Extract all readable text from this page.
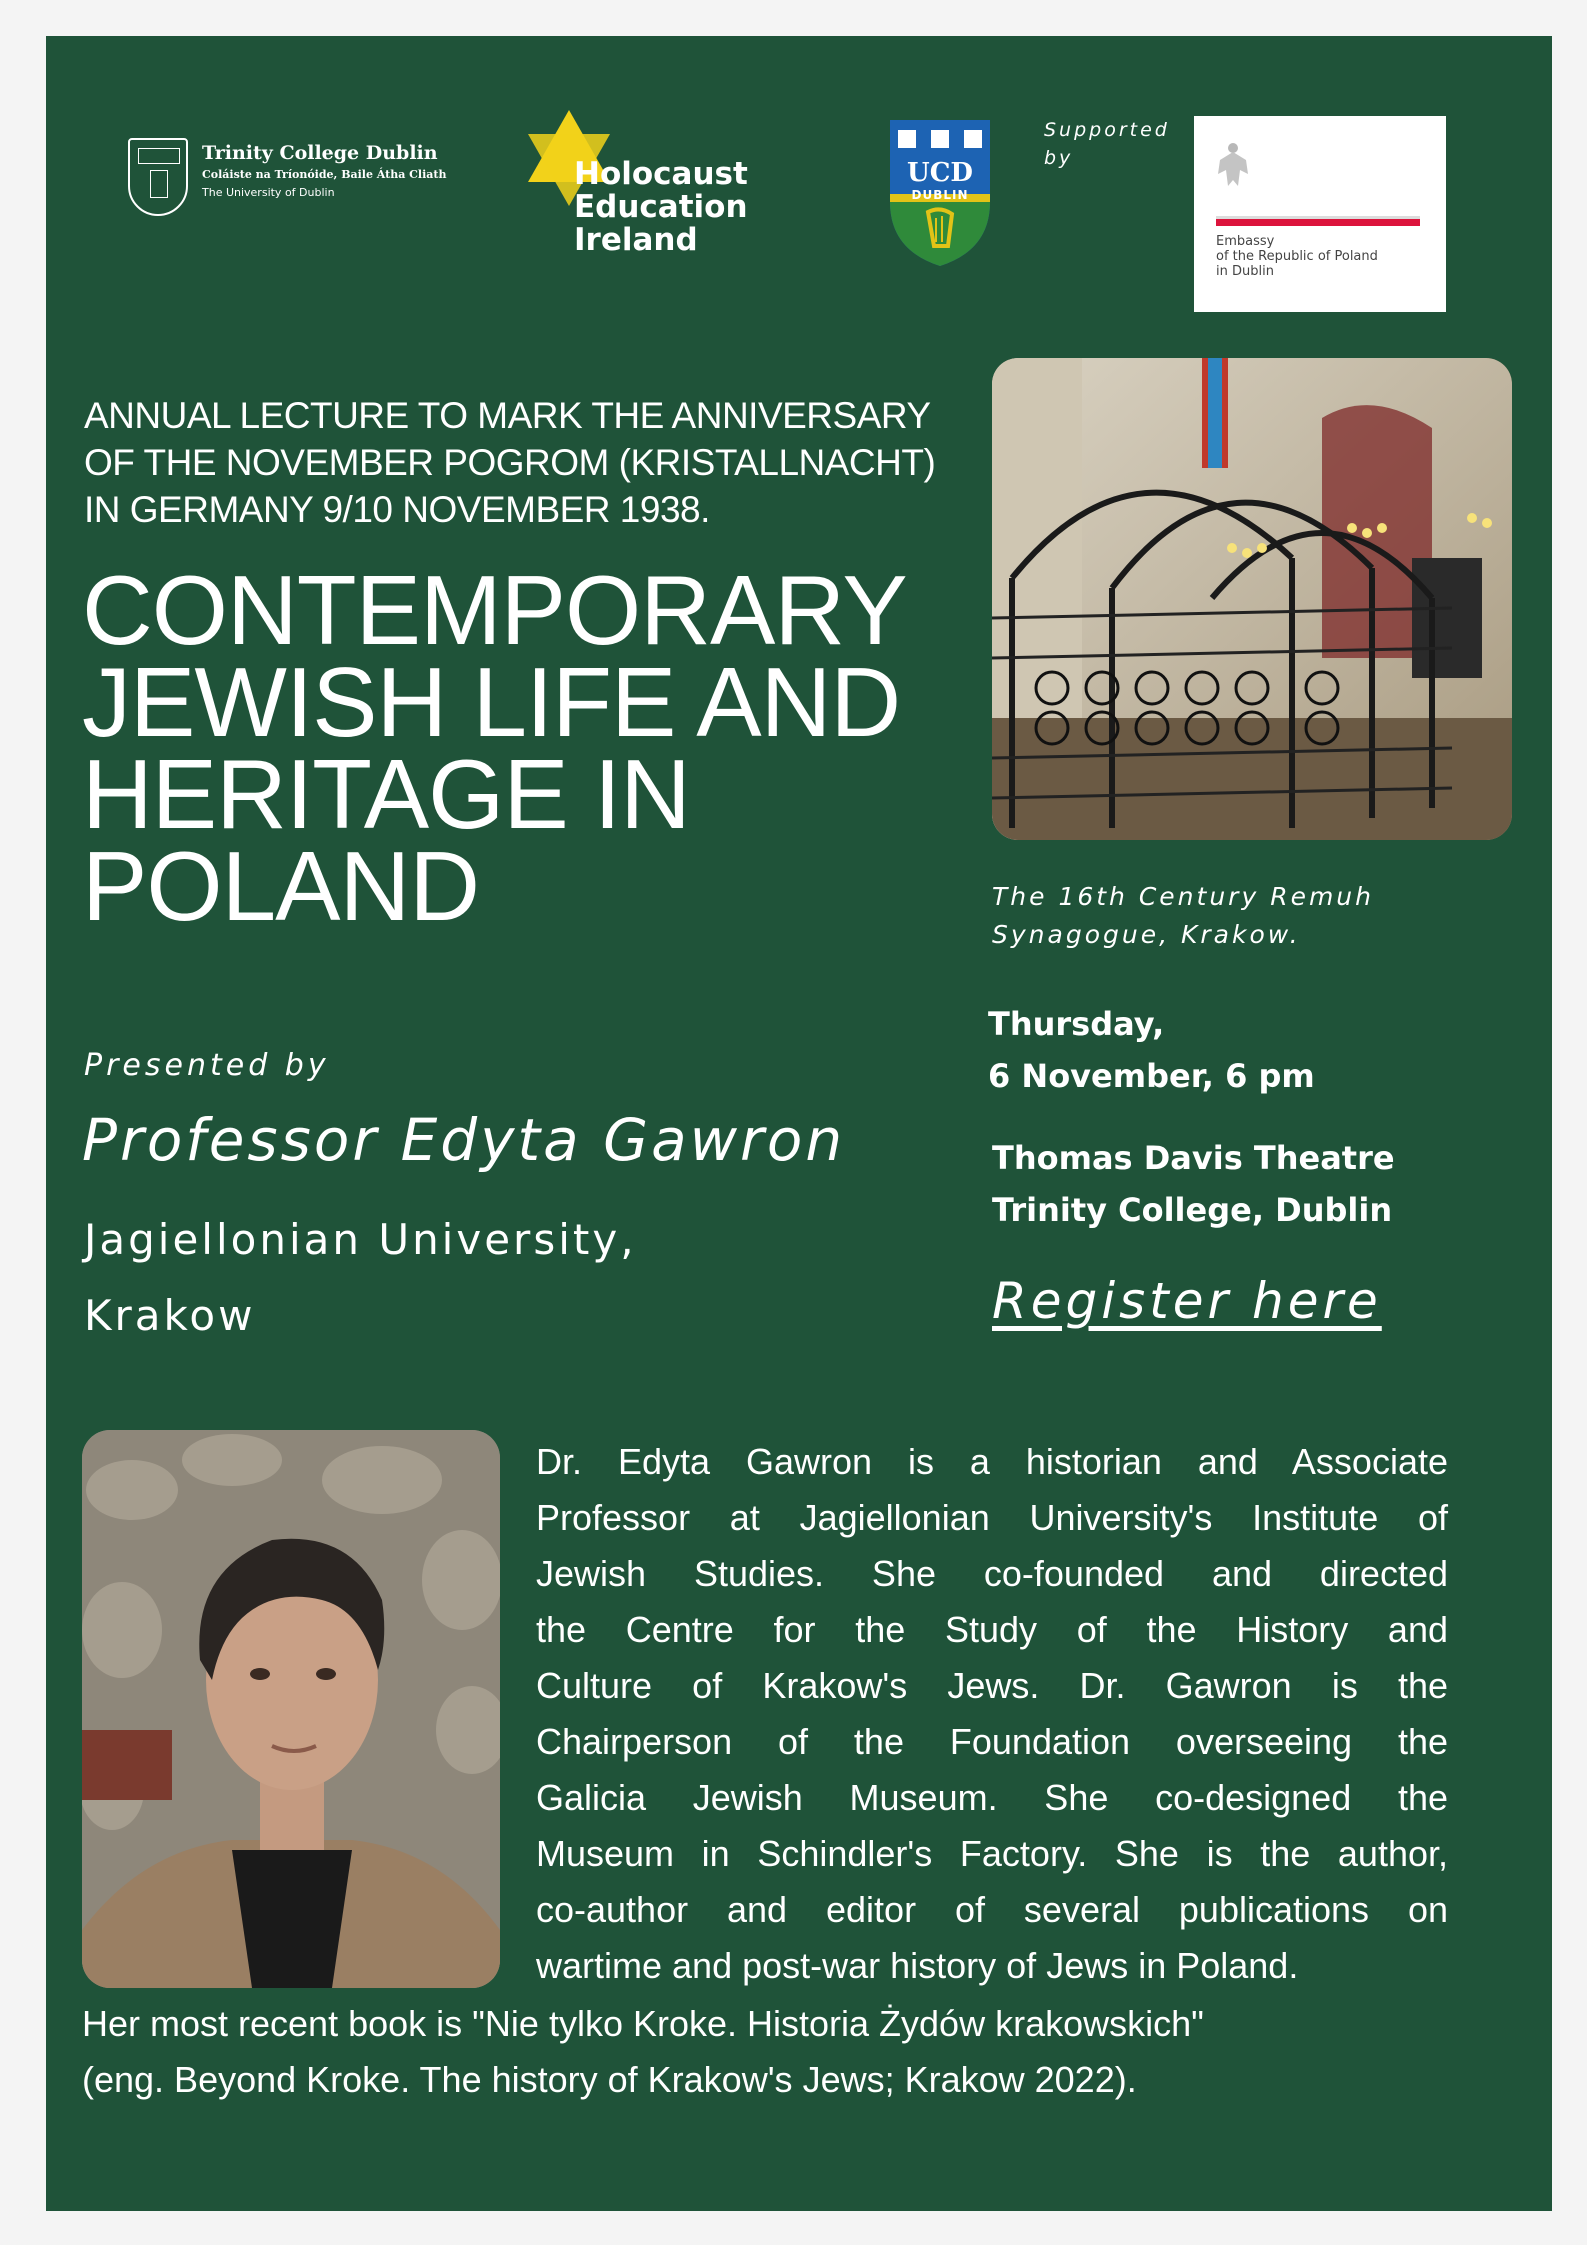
Trinity College Dublin
Coláiste na Tríonóide, Baile Átha Cliath
The University of Dublin
Holocaust
Education
Ireland
UCD
DUBLIN
Supported
by
Embassy
of the Republic of Poland
in Dublin
ANNUAL LECTURE TO MARK THE ANNIVERSARY
OF THE NOVEMBER POGROM (KRISTALLNACHT)
IN GERMANY 9/10 NOVEMBER 1938.
CONTEMPORARY
JEWISH LIFE AND
HERITAGE IN
POLAND	The 16th Century Remuh
Synagogue, Krakow.
Thursday,
6 November, 6 pm
Thomas Davis Theatre
Trinity College, Dublin
Register here
Presented by
Professor Edyta Gawron
Jagiellonian University,
Krakow
Dr. Edyta Gawron is a historian and Associate
Professor at Jagiellonian University's Institute of
Jewish Studies. She co-founded and directed
the Centre for the Study of the History and
Culture of Krakow's Jews. Dr. Gawron is the
Chairperson of the Foundation overseeing the
Galicia Jewish Museum. She co-designed the
Museum in Schindler's Factory. She is the author,
co-author and editor of several publications on
wartime and post-war history of Jews in Poland.
Her most recent book is "Nie tylko Kroke. Historia Żydów krakowskich"
(eng. Beyond Kroke. The history of Krakow's Jews; Krakow 2022).
